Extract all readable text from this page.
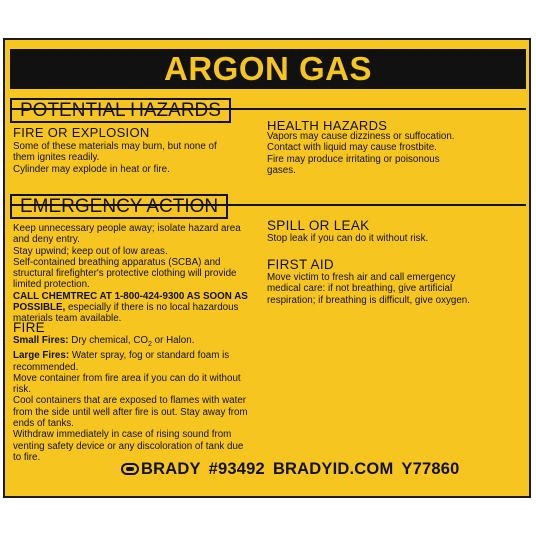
ARGON GAS
POTENTIAL HAZARDS
FIRE OR EXPLOSION
Some of these materials may burn, but none of
them ignites readily.
Cylinder may explode in heat or fire.
HEALTH HAZARDS
Vapors may cause dizziness or suffocation.
Contact with liquid may cause frostbite.
Fire may produce irritating or poisonous
gases.
EMERGENCY ACTION
Keep unnecessary people away; isolate hazard area
and deny entry.
Stay upwind; keep out of low areas.
Self-contained breathing apparatus (SCBA) and
structural firefighter's protective clothing will provide
limited protection.
CALL CHEMTREC AT 1-800-424-9300 AS SOON AS
POSSIBLE, especially if there is no local hazardous
materials team available.
FIRE
Small Fires: Dry chemical, $CO_2$ or Halon.
Large Fires: Water spray, fog or standard foam is
recommended.
Move container from fire area if you can do it without
risk.
Cool containers that are exposed to flames with water
from the side until well after fire is out. Stay away from
ends of tanks.
Withdraw immediately in case of rising sound from
venting safety device or any discoloration of tank due
to fire.
SPILL OR LEAK
Stop leak if you can do it without risk.
FIRST AID
Move victim to fresh air and call emergency
medical care: if not breathing, give artificial
respiration; if breathing is difficult, give oxygen.
BRADY #93492 BRADYID.COM Y77860
